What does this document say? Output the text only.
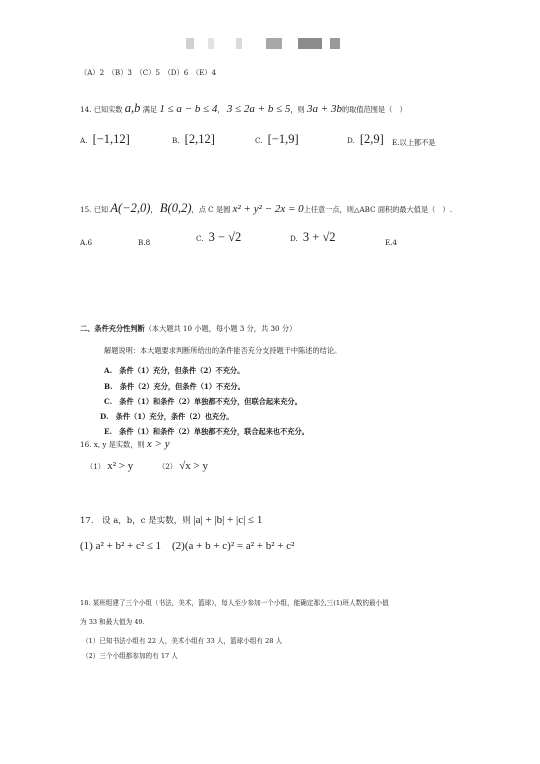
（A）2　（B）3　（C）5　（D）6　（E）4
14. 已知实数 a,b 满足 1 ≤ a − b ≤ 4， 3 ≤ 2a + b ≤ 5，则 3a + 3b的取值范围是（　）
A. [−1,12]	B. [2,12]	C. [−1,9]	D. [2,9] E.以上都不是
15. 已知 A(−2,0)， B(0,2)，点 C 是圆 x² + y² − 2x = 0上任意一点，则△ABC 面积的最大值是（　）.
A.6	B.8	C. 3 − √2	D. 3 + √2	E.4
二、条件充分性判断（本大题共 10 小题，每小题 3 分，共 30 分）
解题说明：本大题要求判断所给出的条件能否充分支持题干中陈述的结论。
A.　条件（1）充分，但条件（2）不充分。
B.　条件（2）充分，但条件（1）不充分。
C.　条件（1）和条件（2）单独都不充分，但联合起来充分。
D.　条件（1）充分，条件（2）也充分。
E.　条件（1）和条件（2）单独都不充分，联合起来也不充分。
16. x, y 是实数，则 x > y
（1） x² > y	（2） √x > y
17.　设 a，b，c 是实数，则 |a| + |b| + |c| ≤ 1
(1) a² + b² + c² ≤ 1 (2)(a + b + c)² = a² + b² + c²
18. 某班组建了三个小组（书法，美术，篮球），每人至少参加一个小组，能确定那么三(1)班人数的最小值
为 33 和最大值为 49.
（1）已知书法小组有 22 人，美术小组有 33 人，篮球小组有 28 人
（2）三个小组都参加的有 17 人
